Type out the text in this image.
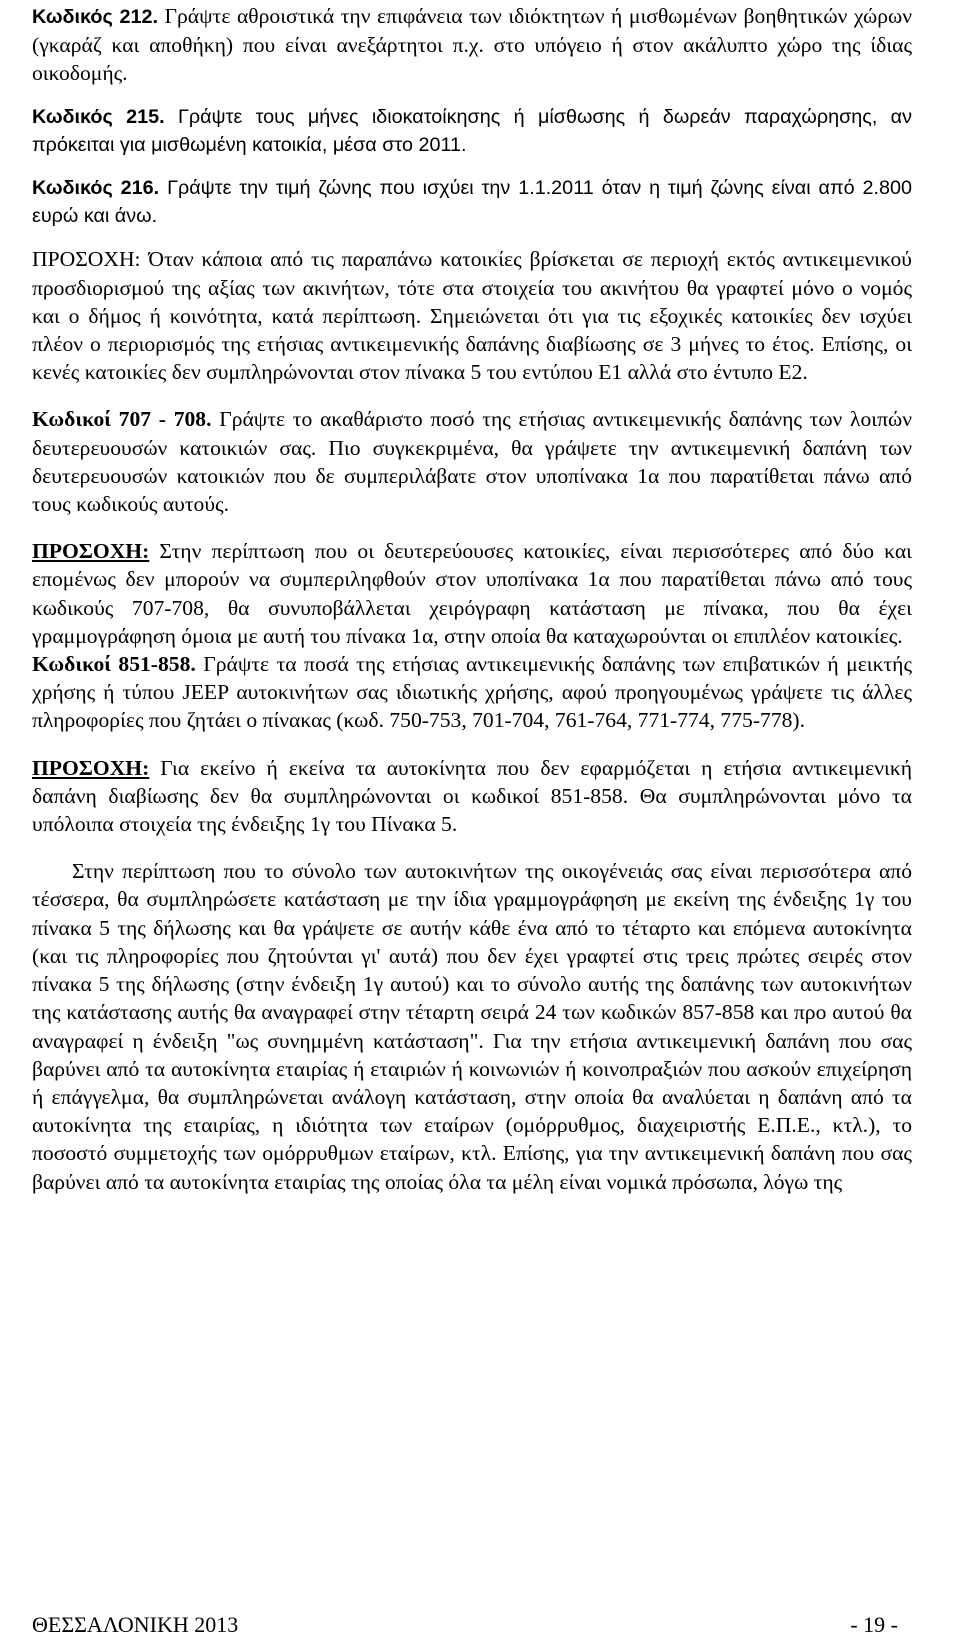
Κωδικός 212. Γράψτε αθροιστικά την επιφάνεια των ιδιόκτητων ή μισθωμένων βοηθητικών χώρων (γκαράζ και αποθήκη) που είναι ανεξάρτητοι π.χ. στο υπόγειο ή στον ακάλυπτο χώρο της ίδιας οικοδομής.

Κωδικός 215. Γράψτε τους μήνες ιδιοκατοίκησης ή μίσθωσης ή δωρεάν παραχώρησης, αν πρόκειται για μισθωμένη κατοικία, μέσα στο 2011.

Κωδικός 216. Γράψτε την τιμή ζώνης που ισχύει την 1.1.2011 όταν η τιμή ζώνης είναι από 2.800 ευρώ και άνω.

ΠΡΟΣΟΧΗ: Όταν κάποια από τις παραπάνω κατοικίες βρίσκεται σε περιοχή εκτός αντικειμενικού προσδιορισμού της αξίας των ακινήτων, τότε στα στοιχεία του ακινήτου θα γραφτεί μόνο ο νομός και ο δήμος ή κοινότητα, κατά περίπτωση. Σημειώνεται ότι για τις εξοχικές κατοικίες δεν ισχύει πλέον ο περιορισμός της ετήσιας αντικειμενικής δαπάνης διαβίωσης σε 3 μήνες το έτος. Επίσης, οι κενές κατοικίες δεν συμπληρώνονται στον πίνακα 5 του εντύπου Ε1 αλλά στο έντυπο Ε2.

Κωδικοί 707 - 708. Γράψτε το ακαθάριστο ποσό της ετήσιας αντικειμενικής δαπάνης των λοιπών δευτερευουσών κατοικιών σας. Πιο συγκεκριμένα, θα γράψετε την αντικειμενική δαπάνη των δευτερευουσών κατοικιών που δε συμπεριλάβατε στον υποπίνακα 1α που παρατίθεται πάνω από τους κωδικούς αυτούς.

ΠΡΟΣΟΧΗ: Στην περίπτωση που οι δευτερεύουσες κατοικίες, είναι περισσότερες από δύο και επομένως δεν μπορούν να συμπεριληφθούν στον υποπίνακα 1α που παρατίθεται πάνω από τους κωδικούς 707-708, θα συνυποβάλλεται χειρόγραφη κατάσταση με πίνακα, που θα έχει γραμμογράφηση όμοια με αυτή του πίνακα 1α, στην οποία θα καταχωρούνται οι επιπλέον κατοικίες.

Κωδικοί 851-858. Γράψτε τα ποσά της ετήσιας αντικειμενικής δαπάνης των επιβατικών ή μεικτής χρήσης ή τύπου JEEP αυτοκινήτων σας ιδιωτικής χρήσης, αφού προηγουμένως γράψετε τις άλλες πληροφορίες που ζητάει ο πίνακας (κωδ. 750-753, 701-704, 761-764, 771-774, 775-778).

ΠΡΟΣΟΧΗ: Για εκείνο ή εκείνα τα αυτοκίνητα που δεν εφαρμόζεται η ετήσια αντικειμενική δαπάνη διαβίωσης δεν θα συμπληρώνονται οι κωδικοί 851-858. Θα συμπληρώνονται μόνο τα υπόλοιπα στοιχεία της ένδειξης 1γ του Πίνακα 5.

Στην περίπτωση που το σύνολο των αυτοκινήτων της οικογένειάς σας είναι περισσότερα από τέσσερα, θα συμπληρώσετε κατάσταση με την ίδια γραμμογράφηση με εκείνη της ένδειξης 1γ του πίνακα 5 της δήλωσης και θα γράψετε σε αυτήν κάθε ένα από το τέταρτο και επόμενα αυτοκίνητα (και τις πληροφορίες που ζητούνται γι' αυτά) που δεν έχει γραφτεί στις τρεις πρώτες σειρές στον πίνακα 5 της δήλωσης (στην ένδειξη 1γ αυτού) και το σύνολο αυτής της δαπάνης των αυτοκινήτων της κατάστασης αυτής θα αναγραφεί στην τέταρτη σειρά 24 των κωδικών 857-858 και προ αυτού θα αναγραφεί η ένδειξη "ως συνημμένη κατάσταση". Για την ετήσια αντικειμενική δαπάνη που σας βαρύνει από τα αυτοκίνητα εταιρίας ή εταιριών ή κοινωνιών ή κοινοπραξιών που ασκούν επιχείρηση ή επάγγελμα, θα συμπληρώνεται ανάλογη κατάσταση, στην οποία θα αναλύεται η δαπάνη από τα αυτοκίνητα της εταιρίας, η ιδιότητα των εταίρων (ομόρρυθμος, διαχειριστής Ε.Π.Ε., κτλ.), το ποσοστό συμμετοχής των ομόρρυθμων εταίρων, κτλ. Επίσης, για την αντικειμενική δαπάνη που σας βαρύνει από τα αυτοκίνητα εταιρίας της οποίας όλα τα μέλη είναι νομικά πρόσωπα, λόγω της

ΘΕΣΣΑΛΟΝΙΚΗ 2013	- 19 -
